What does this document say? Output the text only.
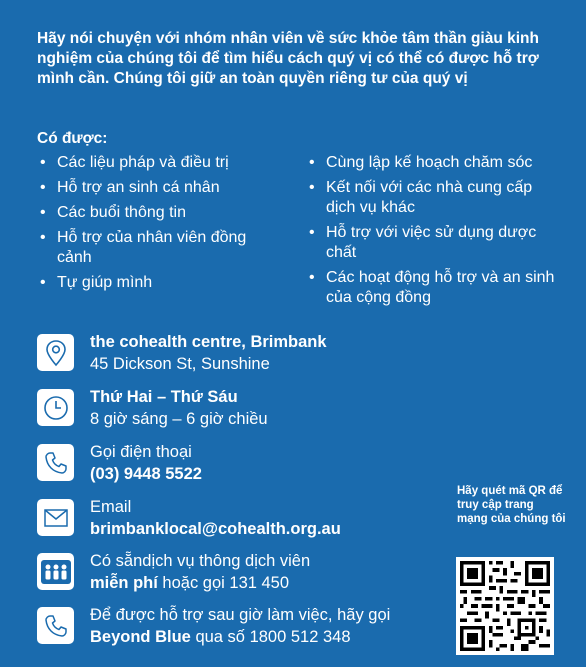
Hãy nói chuyện với nhóm nhân viên về sức khỏe tâm thần giàu kinh nghiệm của chúng tôi để tìm hiểu cách quý vị có thể có được hỗ trợ mình cần. Chúng tôi giữ an toàn quyền riêng tư của quý vị
Có được:
• Các liệu pháp và điều trị
• Hỗ trợ an sinh cá nhân
• Các buổi thông tin
• Hỗ trợ của nhân viên đồng cảnh
• Tự giúp mình
• Cùng lập kế hoạch chăm sóc
• Kết nối với các nhà cung cấp dịch vụ khác
• Hỗ trợ với việc sử dụng dược chất
• Các hoạt động hỗ trợ và an sinh của cộng đồng
the cohealth centre, Brimbank
45 Dickson St, Sunshine
Thứ Hai – Thứ Sáu
8 giờ sáng – 6 giờ chiều
Gọi điện thoại
(03) 9448 5522
Email
brimbanklocal@cohealth.org.au
Có sẵndịch vụ thông dịch viên
miễn phí hoặc gọi 131 450
Để được hỗ trợ sau giờ làm việc, hãy gọi
Beyond Blue qua số 1800 512 348
Hãy quét mã QR để truy cập trang mạng của chúng tôi
